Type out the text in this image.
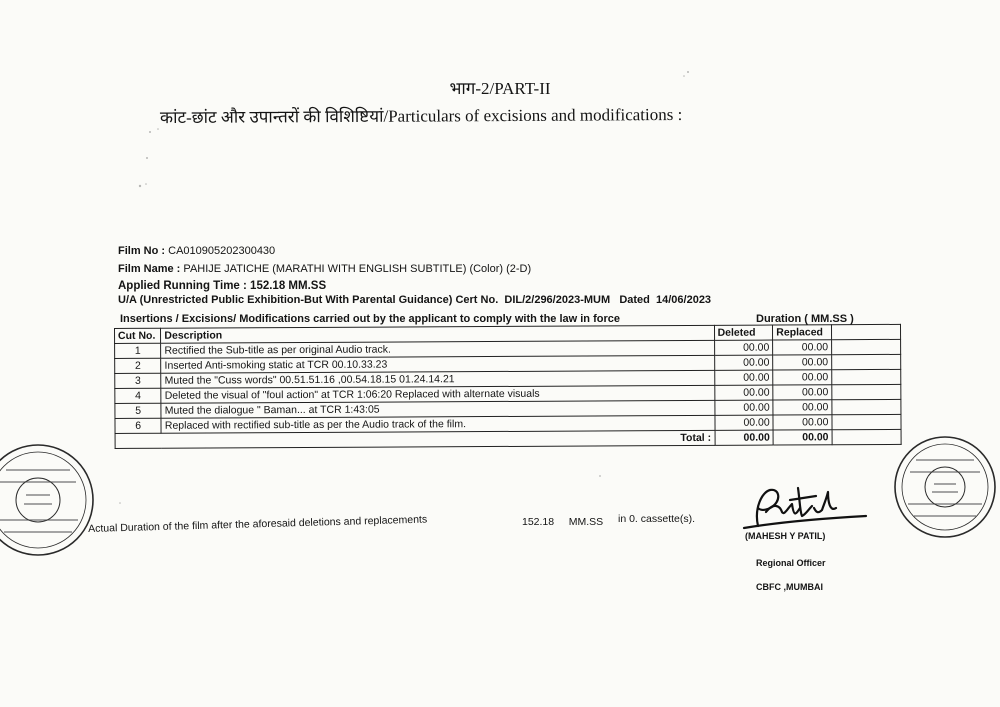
भाग-2/PART-II
कांट-छांट और उपान्तरों की विशिष्टियां/Particulars of excisions and modifications :
Film No : CA010905202300430
Film Name : PAHIJE JATICHE (MARATHI WITH ENGLISH SUBTITLE) (Color) (2-D)
Applied Running Time : 152.18 MM.SS
U/A (Unrestricted Public Exhibition-But With Parental Guidance) Cert No. DIL/2/296/2023-MUM Dated 14/06/2023
Insertions / Excisions/ Modifications carried out by the applicant to comply with the law in force	Duration ( MM.SS )
Cut No.	Description	Deleted	Replaced	
1	Rectified the Sub-title as per original Audio track.	00.00	00.00	
2	Inserted Anti-smoking static at TCR 00.10.33.23	00.00	00.00	
3	Muted the "Cuss words" 00.51.51.16 ,00.54.18.15 01.24.14.21	00.00	00.00	
4	Deleted the visual of "foul action" at TCR 1:06:20 Replaced with alternate visuals	00.00	00.00	
5	Muted the dialogue " Baman... at TCR 1:43:05	00.00	00.00	
6	Replaced with rectified sub-title as per the Audio track of the film.	00.00	00.00	
Total :		00.00	00.00	
Actual Duration of the film after the aforesaid deletions and replacements	152.18 MM.SS in 0. cassette(s).
(MAHESH Y PATIL)
Regional Officer
CBFC ,MUMBAI
